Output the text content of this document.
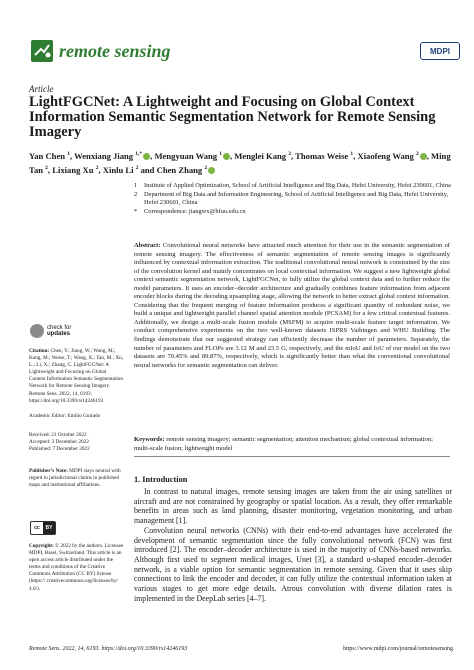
remote sensing	MDPI
Article
LightFGCNet: A Lightweight and Focusing on Global Context Information Semantic Segmentation Network for Remote Sensing Imagery
Yan Chen $^1$, Wenxiang Jiang $^{1,*}$ , Mengyuan Wang $^1$ , Menglei Kang $^2$, Thomas Weise $^1$, Xiaofeng Wang $^2$ , Ming Tan $^2$, Lixiang Xu $^2$, Xinlu Li $^2$ and Chen Zhang $^2$
1	Institute of Applied Optimization, School of Artificial Intelligence and Big Data, Hefei University, Hefei 230601, China
2	Department of Big Data and Information Engineering, School of Artificial Intelligence and Big Data, Hefei University, Hefei 230601, China
*	Correspondence: jiangwx@hfuu.edu.cn
Abstract: Convolutional neural networks have attracted much attention for their use in the semantic segmentation of remote sensing imagery. The effectiveness of semantic segmentation of remote sensing images is significantly influenced by contextual information extraction. The traditional convolutional neural network is constrained by the size of the convolution kernel and mainly concentrates on local contextual information. We suggest a new lightweight global context semantic segmentation network, LightFGCNet, to fully utilize the global context data and to further reduce the model parameters. It uses an encoder–decoder architecture and gradually combines feature information from adjacent encoder blocks during the decoding upsampling stage, allowing the network to better extract global context information. Considering that the frequent merging of feature information produces a significant quantity of redundant noise, we build a unique and lightweight parallel channel spatial attention module (PCSAM) for a few critical contextual features. Additionally, we design a multi-scale fusion module (MSFM) to acquire multi-scale feature target information. We conduct comprehensive experiments on the two well-known datasets ISPRS Vaihingen and WHU Building. The findings demonstrate that our suggested strategy can efficiently decrease the number of parameters. Separately, the number of parameters and FLOPs are 3.12 M and 23.5 G, respectively, and the mIoU and IoU of our model on the two datasets are 70.45% and 89.87%, respectively, which is significantly better than what the conventional convolutional neural networks for semantic segmentation can deliver.
Keywords: remote sensing imagery; semantic segmentation; attention mechanism; global contextual information; multi-scale fusion; lightweight model
1. Introduction

In contrast to natural images, remote sensing images are taken from the air using satellites or aircraft and are not constrained by geography or spatial location. As a result, they offer remarkable benefits in areas such as land planning, disaster monitoring, vegetation monitoring, and urban management [1].

Convolution neural networks (CNNs) with their end-to-end advantages have accelerated the development of semantic segmentation since the fully convolutional network (FCN) was first introduced [2]. The encoder–decoder architecture is used in the majority of CNNs-based networks. Although first used to segment medical images, Unet [3], a standard u-shaped encoder–decoder network, is a viable option for semantic segmentation in remote sensing. Given that it uses skip connections to link the encoder and decoder, it can fully utilize the contextual information taken at various stages to get more edge details. Atrous convolution with diverse dilation rates is implemented in the DeepLab series [4–7].

check for
updates
Citation: Chen, Y.; Jiang, W.; Wang, M.; Kang, M.; Weise, T.; Wang, X.; Tan, M.; Xu, L.; Li, X.; Zhang, C. LightFGCNet: A Lightweight and Focusing on Global Context Information Semantic Segmentation Network for Remote Sensing Imagery. Remote Sens. 2022, 14, 6193. https://doi.org/10.3390/rs14246193
Academic Editor: Emilio Guirado
Received: 21 October 2022
Accepted: 3 December 2022
Published: 7 December 2022
Publisher’s Note: MDPI stays neutral with regard to jurisdictional claims in published maps and institutional affiliations.
cc	BY
Copyright: © 2022 by the authors. Licensee MDPI, Basel, Switzerland. This article is an open access article distributed under the terms and conditions of the Creative Commons Attribution (CC BY) license (https:// creativecommons.org/licenses/by/ 4.0/).
Remote Sens. 2022, 14, 6193. https://doi.org/10.3390/rs14246193	https://www.mdpi.com/journal/remotesensing
